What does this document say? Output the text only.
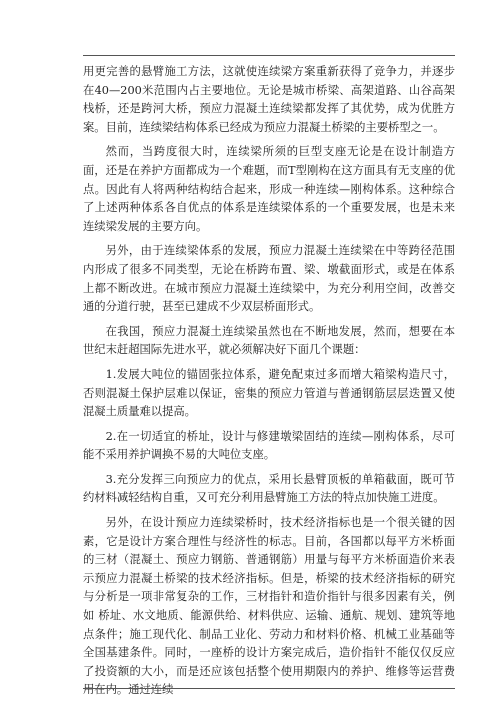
用更完善的悬臂施工方法，这就使连续梁方案重新获得了竞争力，并逐步在40—200米范围内占主要地位。无论是城市桥梁、高架道路、山谷高架栈桥，还是跨河大桥，预应力混凝土连续梁都发挥了其优势，成为优胜方案。目前，连续梁结构体系已经成为预应力混凝土桥梁的主要桥型之一。

然而，当跨度很大时，连续梁所须的巨型支座无论是在设计制造方面，还是在养护方面都成为一个难题，而T型刚构在这方面具有无支座的优点。因此有人将两种结构结合起来，形成一种连续—刚构体系。这种综合了上述两种体系各自优点的体系是连续梁体系的一个重要发展，也是未来连续梁发展的主要方向。

另外，由于连续梁体系的发展，预应力混凝土连续梁在中等跨径范围内形成了很多不同类型，无论在桥跨布置、梁、墩截面形式，或是在体系上都不断改进。在城市预应力混凝土连续梁中，为充分利用空间，改善交通的分道行驶，甚至已建成不少双层桥面形式。

在我国，预应力混凝土连续梁虽然也在不断地发展，然而，想要在本世纪末赶超国际先进水平，就必须解决好下面几个课题：

1.发展大吨位的锚固张拉体系，避免配束过多而增大箱梁构造尺寸，否则混凝土保护层难以保证，密集的预应力管道与普通钢筋层层迭置又使混凝土质量难以提高。

2.在一切适宜的桥址，设计与修建墩梁固结的连续—刚构体系，尽可能不采用养护调换不易的大吨位支座。

3.充分发挥三向预应力的优点，采用长悬臂顶板的单箱截面，既可节约材料减轻结构自重，又可充分利用悬臂施工方法的特点加快施工进度。

另外，在设计预应力连续梁桥时，技术经济指标也是一个很关键的因素，它是设计方案合理性与经济性的标志。目前，各国都以每平方米桥面的三材（混凝土、预应力钢筋、普通钢筋）用量与每平方米桥面造价来表示预应力混凝土桥梁的技术经济指标。但是，桥梁的技术经济指标的研究与分析是一项非常复杂的工作，三材指针和造价指针与很多因素有关，例如 桥址、水文地质、能源供给、材料供应、运输、通航、规划、建筑等地点条件；施工现代化、制品工业化、劳动力和材料价格、机械工业基础等全国基建条件。同时，一座桥的设计方案完成后，造价指针不能仅仅反应了投资额的大小，而是还应该包括整个使用期限内的养护、维修等运营费用在内。通过连续
